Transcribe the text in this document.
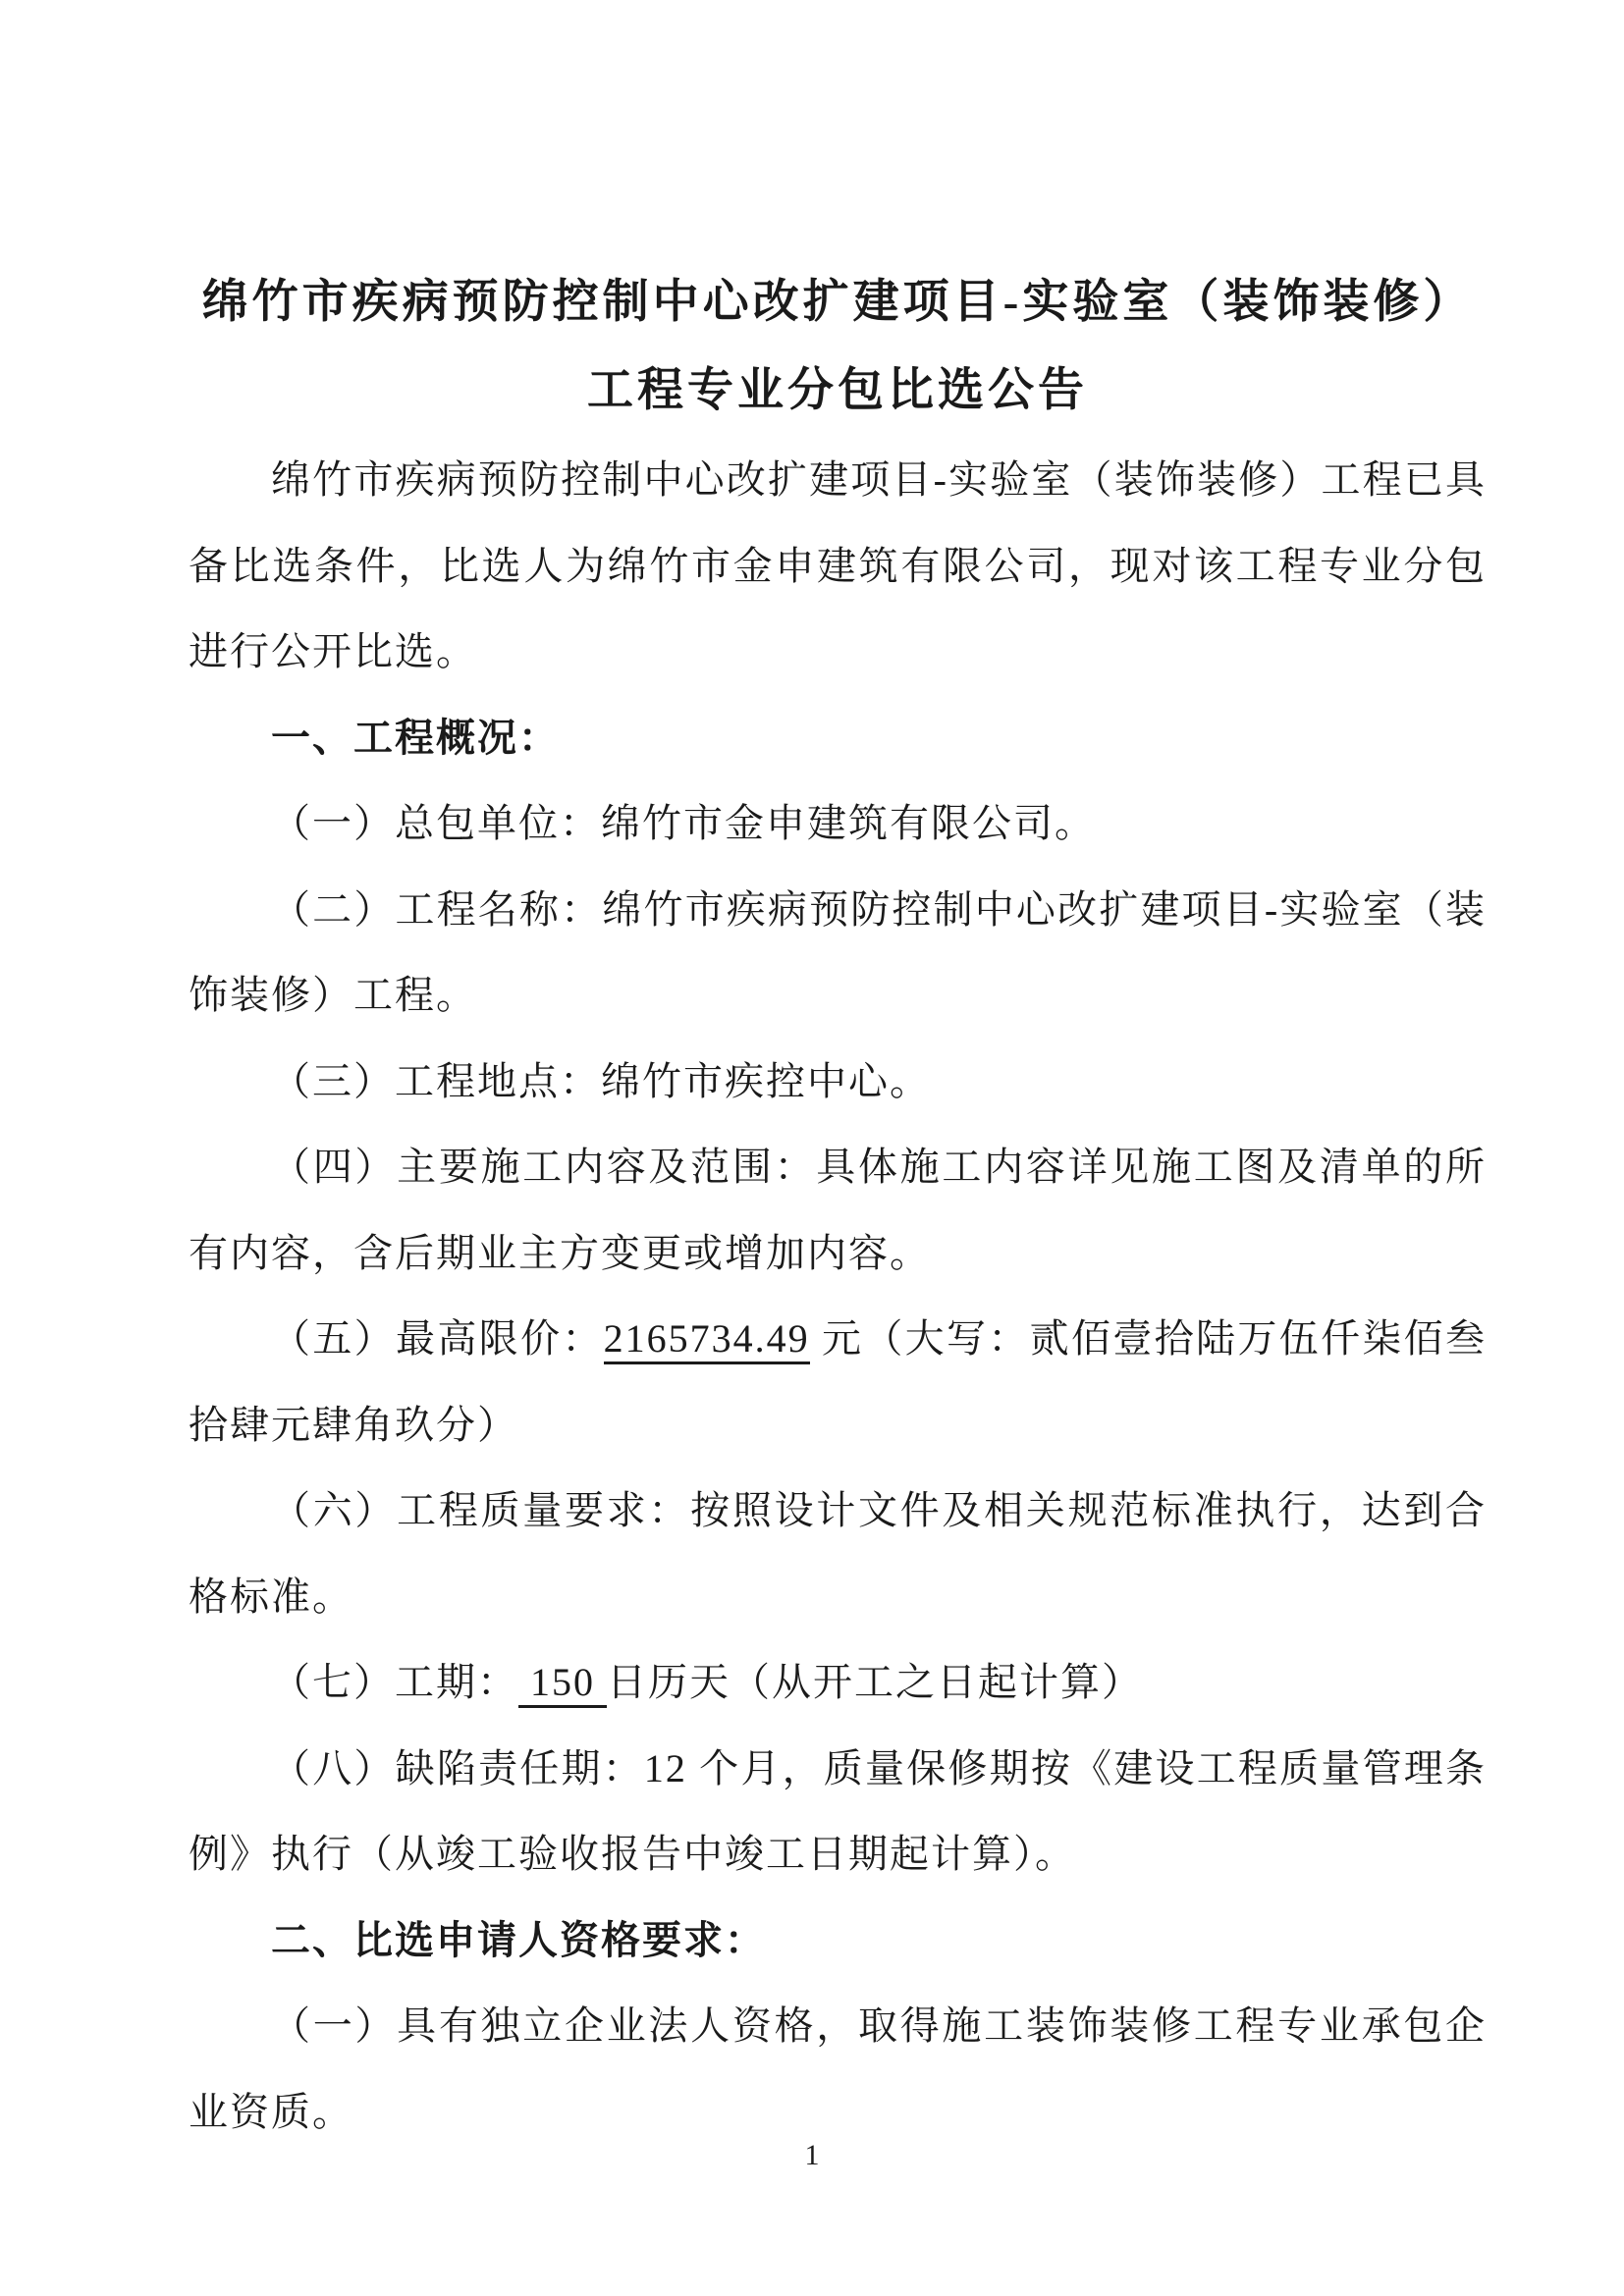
绵竹市疾病预防控制中心改扩建项目-实验室（装饰装修）
工程专业分包比选公告

绵竹市疾病预防控制中心改扩建项目-实验室（装饰装修）工程已具备比选条件，比选人为绵竹市金申建筑有限公司，现对该工程专业分包进行公开比选。

一、工程概况：

（一）总包单位：绵竹市金申建筑有限公司。

（二）工程名称：绵竹市疾病预防控制中心改扩建项目-实验室（装饰装修）工程。

（三）工程地点：绵竹市疾控中心。

（四）主要施工内容及范围：具体施工内容详见施工图及清单的所有内容，含后期业主方变更或增加内容。

（五）最高限价：2165734.49 元（大写：贰佰壹拾陆万伍仟柒佰叁拾肆元肆角玖分）

（六）工程质量要求：按照设计文件及相关规范标准执行，达到合格标准。

（七）工期： 150 日历天（从开工之日起计算）

（八）缺陷责任期：12 个月，质量保修期按《建设工程质量管理条例》执行（从竣工验收报告中竣工日期起计算）。

二、比选申请人资格要求：

（一）具有独立企业法人资格，取得施工装饰装修工程专业承包企业资质。

1
